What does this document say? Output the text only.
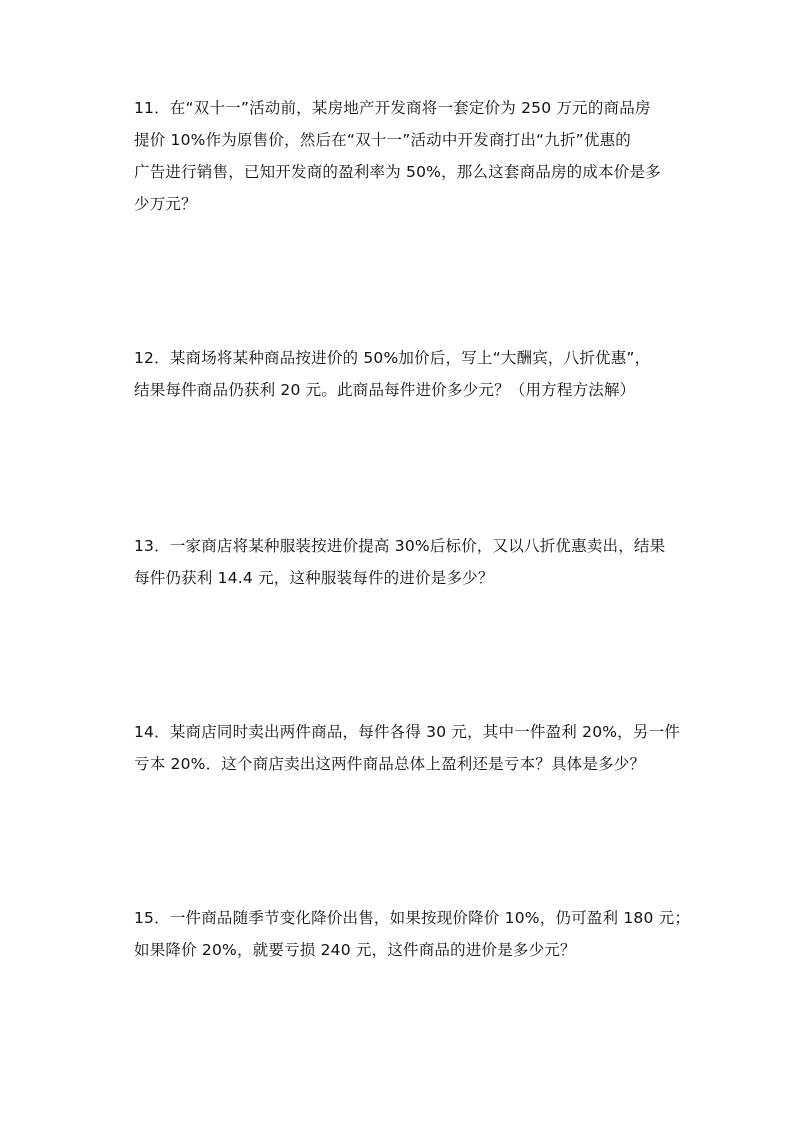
11．在“双十一”活动前，某房地产开发商将一套定价为 250 万元的商品房
提价 10%作为原售价，然后在“双十一”活动中开发商打出“九折”优惠的
广告进行销售，已知开发商的盈利率为 50%，那么这套商品房的成本价是多
少万元？
12．某商场将某种商品按进价的 50%加价后，写上“大酬宾，八折优惠”，
结果每件商品仍获利 20 元。此商品每件进价多少元？（用方程方法解）
13．一家商店将某种服装按进价提高 30%后标价，又以八折优惠卖出，结果
每件仍获利 14.4 元，这种服装每件的进价是多少？
14．某商店同时卖出两件商品，每件各得 30 元，其中一件盈利 20%，另一件
亏本 20%．这个商店卖出这两件商品总体上盈利还是亏本？具体是多少？
15．一件商品随季节变化降价出售，如果按现价降价 10%，仍可盈利 180 元；
如果降价 20%，就要亏损 240 元，这件商品的进价是多少元？
